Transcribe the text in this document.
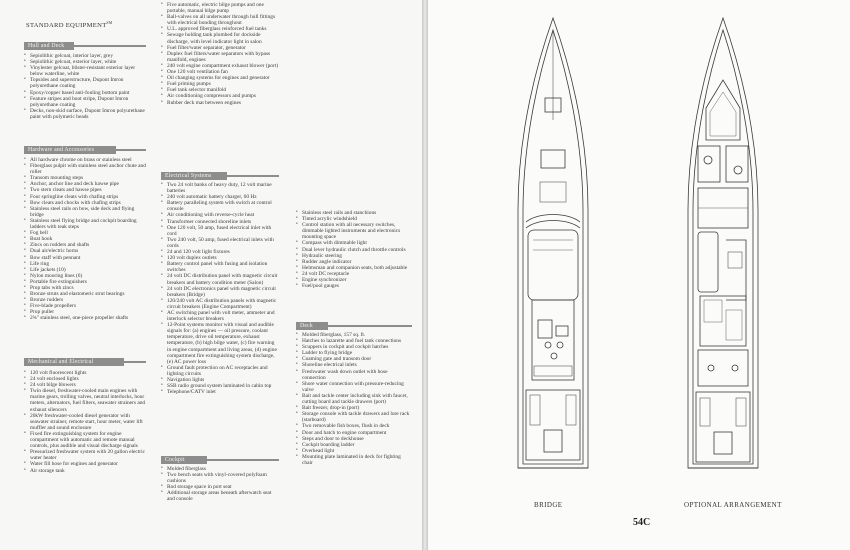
STANDARD EQUIPMENT℠
Hull and Deck
• Sepiolithic gelcoat, interior layer, grey
• Sepiolithic gelcoat, exterior layer, white
• Vinylester gelcoat, blister-resistant exterior layer below waterline, white
• Topsides and superstructure, Dupont Imron polyurethane coating
• Epoxy/copper based anti-fouling bottom paint
• Feature stripes and boot stripe, Dupont Imron polyurethane coating
• Decks, non-skid surface, Dupont Imron polyurethane paint with polymeric beads
Hardware and Accessories
• All hardware chrome on brass or stainless steel
• Fiberglass pulpit with stainless steel anchor chute and roller
• Transom mounting steps
• Anchor, anchor line and deck hawse pipe
• Two stern cleats and hawse pipes
• Four springline cleats with chafing strips
• Bow cleats and chocks with chafing strips
• Stainless steel rails on bow, side deck and flying bridge
• Stainless steel flying bridge and cockpit boarding ladders with teak steps
• Fog bell
• Boat hook
• Zincs on rudders and shafts
• Dual air/electric horns
• Bow staff with pennant
• Life ring
• Life jackets (10)
• Nylon mooring lines (6)
• Portable fire extinguishers
• Prop tabs with zincs
• Bronze struts and elastomeric strut bearings
• Bronze rudders
• Five-blade propellers
• Prop puller
• 2¾" stainless steel, one-piece propeller shafts
Mechanical and Electrical
• 120 volt fluorescent lights
• 24 volt enclosed lights
• 24 volt bilge blowers
• Twin diesel, freshwater-cooled main engines with marine gears, trolling valves, neutral interlocks, hour meters, alternators, fuel filters, seawater strainers and exhaust silencers
• 20kW freshwater-cooled diesel generator with seawater strainer, remote start, hour meter, water lift muffler and sound enclosure
• Fixed fire extinguishing system for engine compartment with automatic and remote manual controls, plus audible and visual discharge signals
• Pressurized freshwater system with 20 gallon electric water heater
• Water fill hose for engines and generator
• Air storage tank
• Five automatic, electric bilge pumps and one portable, manual bilge pump
• Ball-valves on all underwater through hull fittings with electrical bonding throughout
• U.L. approved fiberglass reinforced fuel tanks
• Sewage holding tank plumbed for dockside discharge, with level indicator light in salon
• Fuel filter/water separator, generator
• Duplex fuel filters/water separators with bypass manifold, engines
• 240 volt engine compartment exhaust blower (port)
• One 120 volt ventilation fan
• Oil changing systems for engines and generator
• Fuel priming pumps
• Fuel tank selector manifold
• Air conditioning compressors and pumps
• Rubber deck mat between engines
Electrical Systems
• Two 24 volt banks of heavy duty, 12 volt marine batteries
• 240 volt automatic battery charger, 60 Hz
• Battery paralleling system with switch at control console
• Air conditioning with reverse-cycle heat
• Transformer connected shoreline inlets
• One 120 volt, 50 amp, fused electrical inlet with cord
• Two 240 volt, 50 amp, fused electrical inlets with cords
• 24 and 120 volt light fixtures
• 120 volt duplex outlets
• Battery control panel with fusing and isolation switches
• 24 volt DC distribution panel with magnetic circuit breakers and battery condition meter (Salon)
• 24 volt DC electronics panel with magnetic circuit breakers (Bridge)
• 120/240 volt AC distribution panels with magnetic circuit breakers (Engine Compartment)
• AC switching panel with volt meter, ammeter and interlock selector breakers
• 12-Point systems monitor with visual and audible signals for: (a) engines — oil pressure, coolant temperature, drive oil temperature, exhaust temperature, (b) high bilge water, (c) fire warning in engine compartment and living areas, (d) engine compartment fire extinguishing system discharge, (e) AC power loss
• Ground fault protection on AC receptacles and lighting circuits
• Navigation lights
• SSB radio ground system laminated in cabin top
• Telephone/CATV inlet
Cockpit
• Molded fiberglass
• Two bench seats with vinyl-covered polyfoam cushions
• Rod storage space in port seat
• Additional storage areas beneath afterwatch seat and console
• Stainless steel rails and stanchions
• Tinted acrylic windshield
• Control station with all necessary switches, dimmable lighted instruments and electronics mounting space
• Compass with dimmable light
• Dual lever hydraulic clutch and throttle controls
• Hydraulic steering
• Rudder angle indicator
• Helmsman and companion seats, both adjustable
• 24 volt DC receptacle
• Engine synchronizer
• Fuel/pool gauges
Deck
• Molded fiberglass, 157 sq. ft.
• Hatches to lazarette and fuel tank connections
• Scuppers in cockpit and cockpit hatches
• Ladder to flying bridge
• Coaming gate and transom door
• Shoreline electrical inlets
• Freshwater wash down outlet with hose connection
• Shore water connection with pressure-reducing valve
• Bait and tackle center including sink with faucet, cutting board and tackle drawers (port)
• Bait freezer, drop-in (port)
• Storage console with tackle drawers and lure rack (starboard)
• Two removable fish boxes, flush in deck
• Door and hatch to engine compartment
• Steps and door to deckhouse
• Cockpit boarding ladder
• Overhead light
• Mounting plate laminated in deck for fighting chair
BRIDGE	OPTIONAL ARRANGEMENT
54C
